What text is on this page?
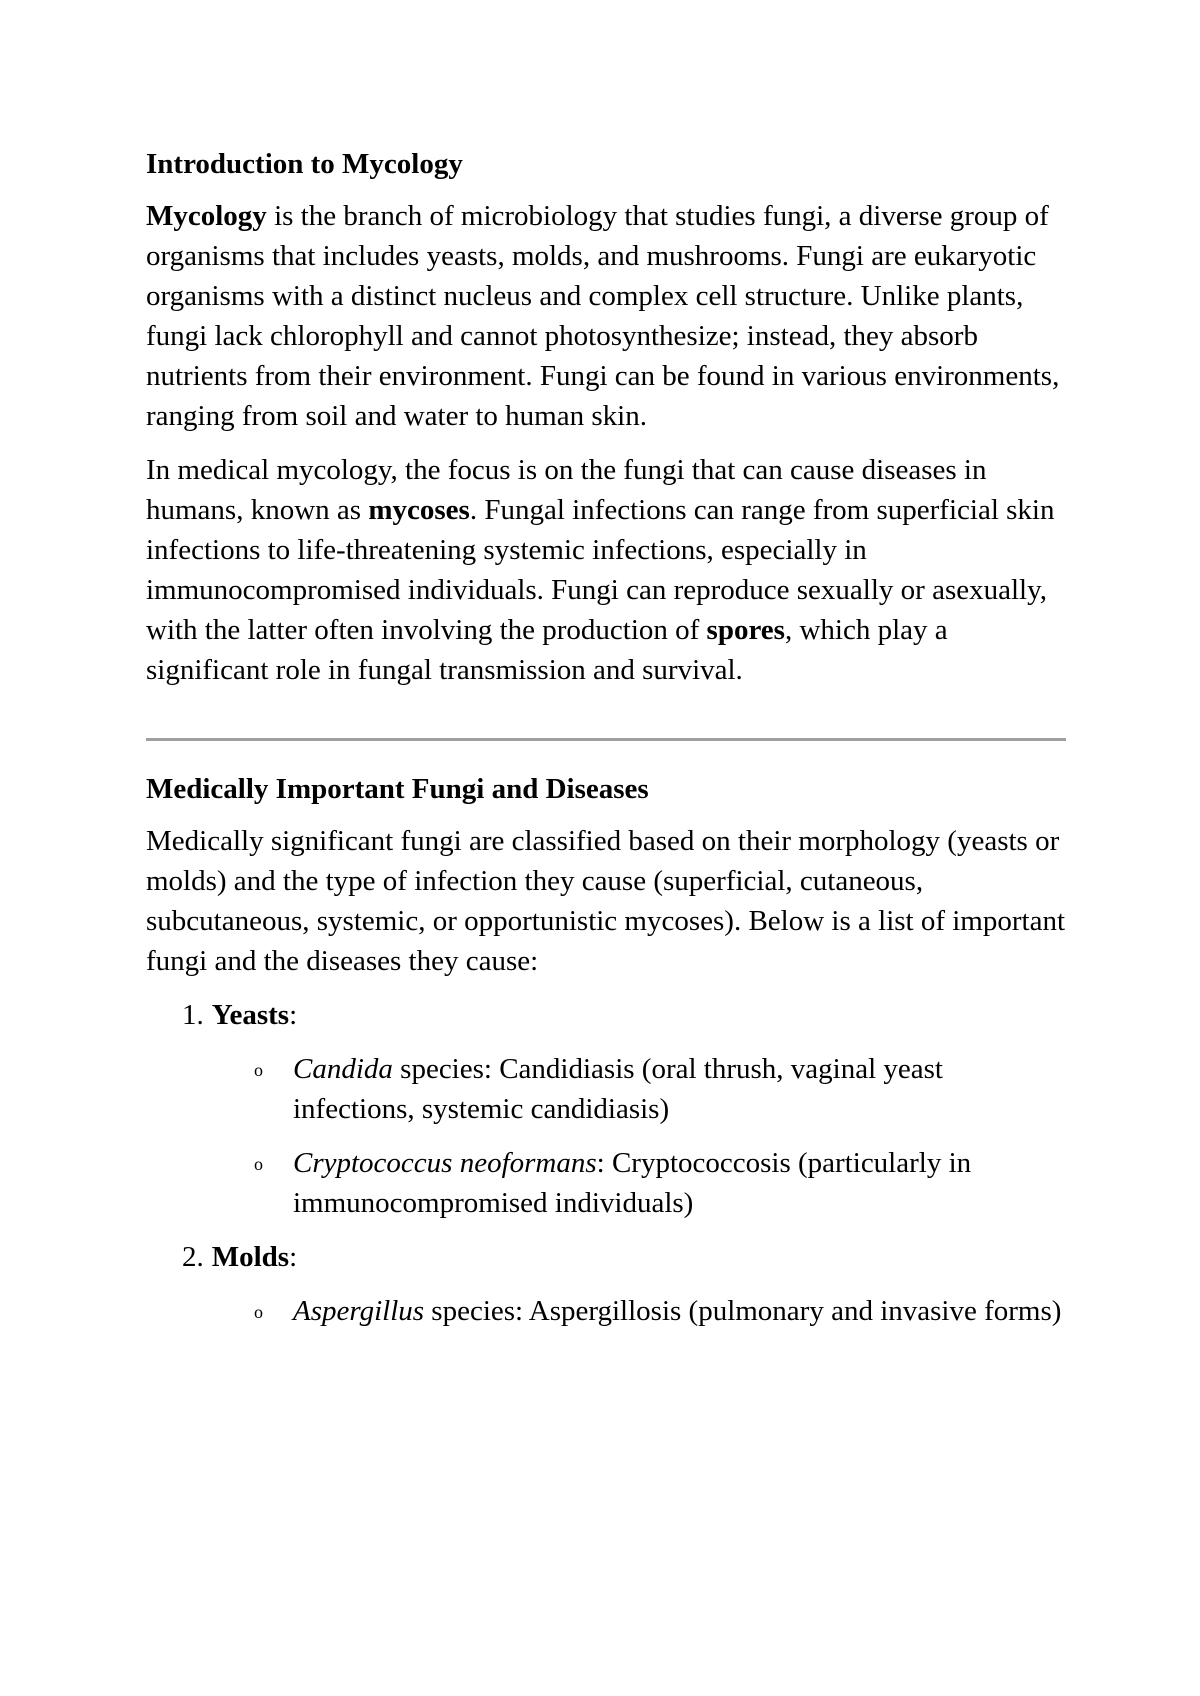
Introduction to Mycology

Mycology is the branch of microbiology that studies fungi, a diverse group of organisms that includes yeasts, molds, and mushrooms. Fungi are eukaryotic organisms with a distinct nucleus and complex cell structure. Unlike plants, fungi lack chlorophyll and cannot photosynthesize; instead, they absorb nutrients from their environment. Fungi can be found in various environments, ranging from soil and water to human skin.

In medical mycology, the focus is on the fungi that can cause diseases in humans, known as mycoses. Fungal infections can range from superficial skin infections to life-threatening systemic infections, especially in immunocompromised individuals. Fungi can reproduce sexually or asexually, with the latter often involving the production of spores, which play a significant role in fungal transmission and survival.

Medically Important Fungi and Diseases

Medically significant fungi are classified based on their morphology (yeasts or molds) and the type of infection they cause (superficial, cutaneous, subcutaneous, systemic, or opportunistic mycoses). Below is a list of important fungi and the diseases they cause:

1. Yeasts:
o Candida species: Candidiasis (oral thrush, vaginal yeast infections, systemic candidiasis)
o Cryptococcus neoformans: Cryptococcosis (particularly in immunocompromised individuals)
2. Molds:
o Aspergillus species: Aspergillosis (pulmonary and invasive forms)
